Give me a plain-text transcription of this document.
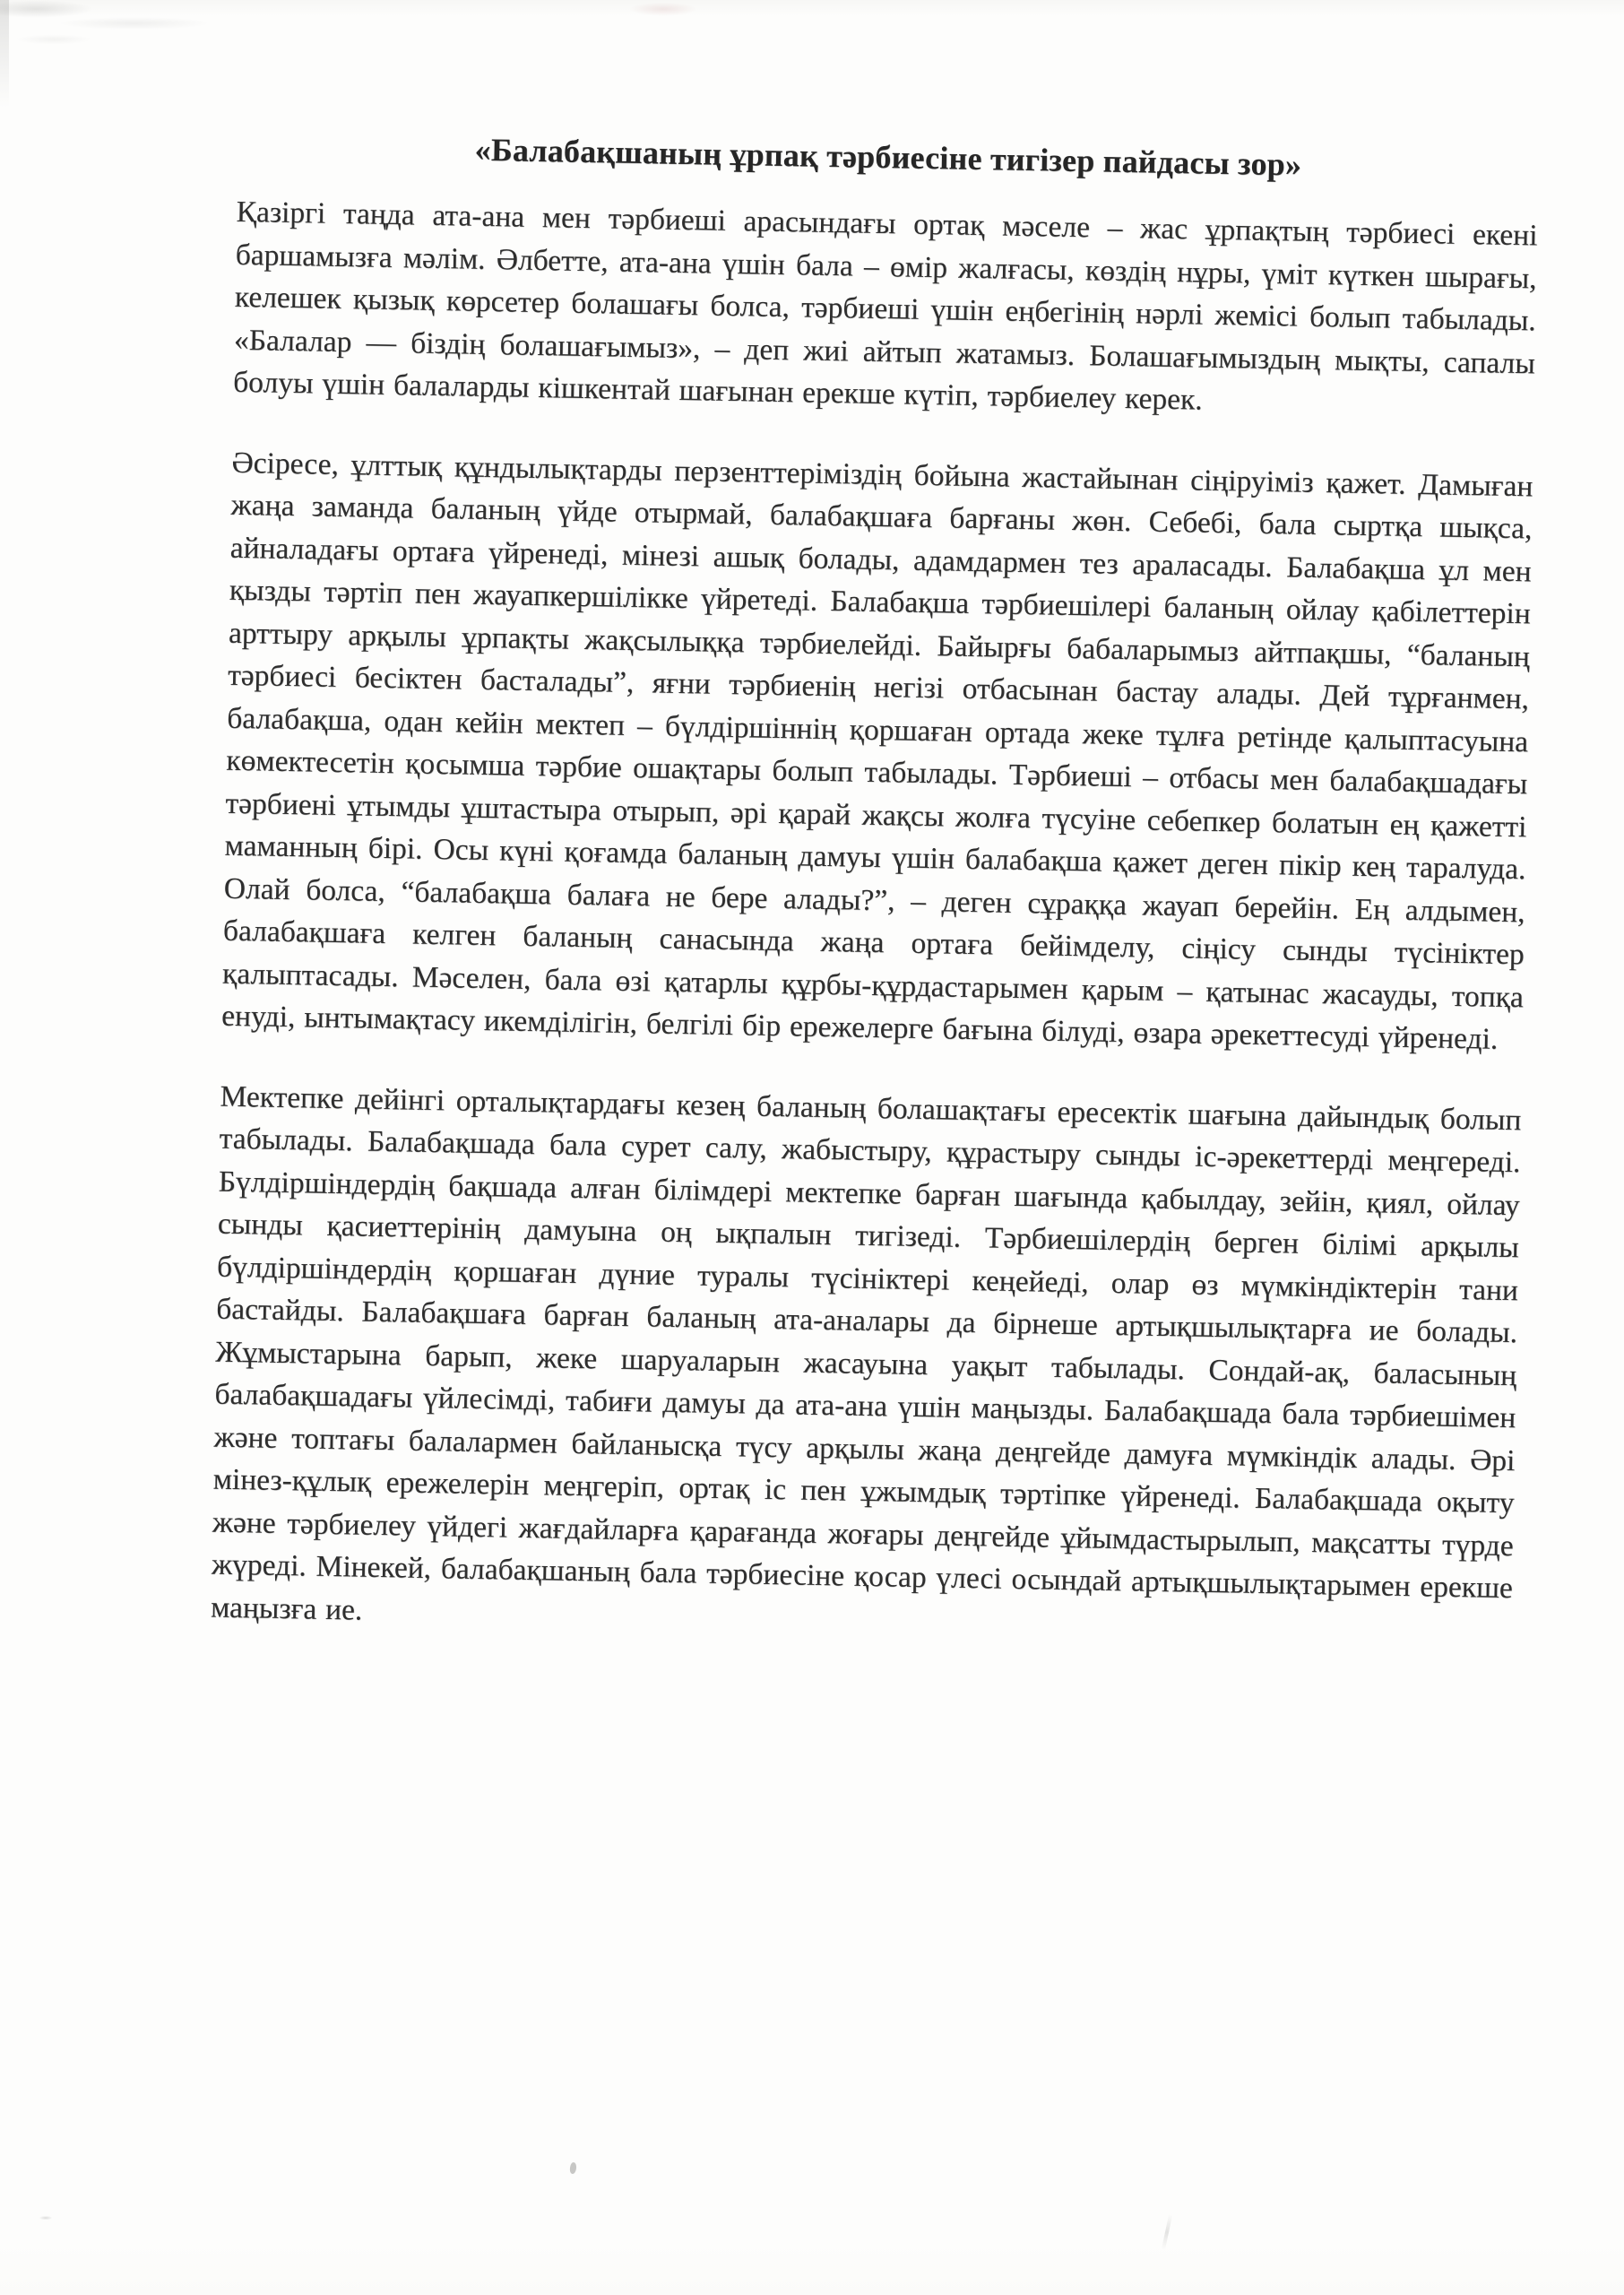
«Балабақшаның ұрпақ тәрбиесіне тигізер пайдасы зор»

Қазіргі таңда ата-ана мен тәрбиеші арасындағы ортақ мәселе – жас ұрпақтың тәрбиесі екені баршамызға мәлім. Әлбетте, ата-ана үшін бала – өмір жалғасы, көздің нұры, үміт күткен шырағы, келешек қызық көрсетер болашағы болса, тәрбиеші үшін еңбегінің нәрлі жемісі болып табылады. «Балалар — біздің болашағымыз», – деп жиі айтып жатамыз. Болашағымыздың мықты, сапалы болуы үшін балаларды кішкентай шағынан ерекше күтіп, тәрбиелеу керек.

Әсіресе, ұлттық құндылықтарды перзенттеріміздің бойына жастайынан сіңіруіміз қажет. Дамыған жаңа заманда баланың үйде отырмай, балабақшаға барғаны жөн. Себебі, бала сыртқа шықса, айналадағы ортаға үйренеді, мінезі ашық болады, адамдармен тез араласады. Балабақша ұл мен қызды тәртіп пен жауапкершілікке үйретеді. Балабақша тәрбиешілері баланың ойлау қабілеттерін арттыру арқылы ұрпақты жақсылыққа тәрбиелейді. Байырғы бабаларымыз айтпақшы, “баланың тәрбиесі бесіктен басталады”, яғни тәрбиенің негізі отбасынан бастау алады. Дей тұрғанмен, балабақша, одан кейін мектеп – бүлдіршіннің қоршаған ортада жеке тұлға ретінде қалыптасуына көмектесетін қосымша тәрбие ошақтары болып табылады. Тәрбиеші – отбасы мен балабақшадағы тәрбиені ұтымды ұштастыра отырып, әрі қарай жақсы жолға түсуіне себепкер болатын ең қажетті маманның бірі. Осы күні қоғамда баланың дамуы үшін балабақша қажет деген пікір кең таралуда. Олай болса, “балабақша балаға не бере алады?”, – деген сұраққа жауап берейін. Ең алдымен, балабақшаға келген баланың санасында жаңа ортаға бейімделу, сіңісу сынды түсініктер қалыптасады. Мәселен, бала өзі қатарлы құрбы-құрдастарымен қарым – қатынас жасауды, топқа енуді, ынтымақтасу икемділігін, белгілі бір ережелерге бағына білуді, өзара әрекеттесуді үйренеді.

Мектепке дейінгі орталықтардағы кезең баланың болашақтағы ересектік шағына дайындық болып табылады. Балабақшада бала сурет салу, жабыстыру, құрастыру сынды іс-әрекеттерді меңгереді. Бүлдіршіндердің бақшада алған білімдері мектепке барған шағында қабылдау, зейін, қиял, ойлау сынды қасиеттерінің дамуына оң ықпалын тигізеді. Тәрбиешілердің берген білімі арқылы бүлдіршіндердің қоршаған дүние туралы түсініктері кеңейеді, олар өз мүмкіндіктерін тани бастайды. Балабақшаға барған баланың ата-аналары да бірнеше артықшылықтарға ие болады. Жұмыстарына барып, жеке шаруаларын жасауына уақыт табылады. Сондай-ақ, баласының балабақшадағы үйлесімді, табиғи дамуы да ата-ана үшін маңызды. Балабақшада бала тәрбиешімен және топтағы балалармен байланысқа түсу арқылы жаңа деңгейде дамуға мүмкіндік алады. Әрі мінез-құлық ережелерін меңгеріп, ортақ іс пен ұжымдық тәртіпке үйренеді. Балабақшада оқыту және тәрбиелеу үйдегі жағдайларға қарағанда жоғары деңгейде ұйымдастырылып, мақсатты түрде жүреді. Мінекей, балабақшаның бала тәрбиесіне қосар үлесі осындай артықшылықтарымен ерекше маңызға ие.
